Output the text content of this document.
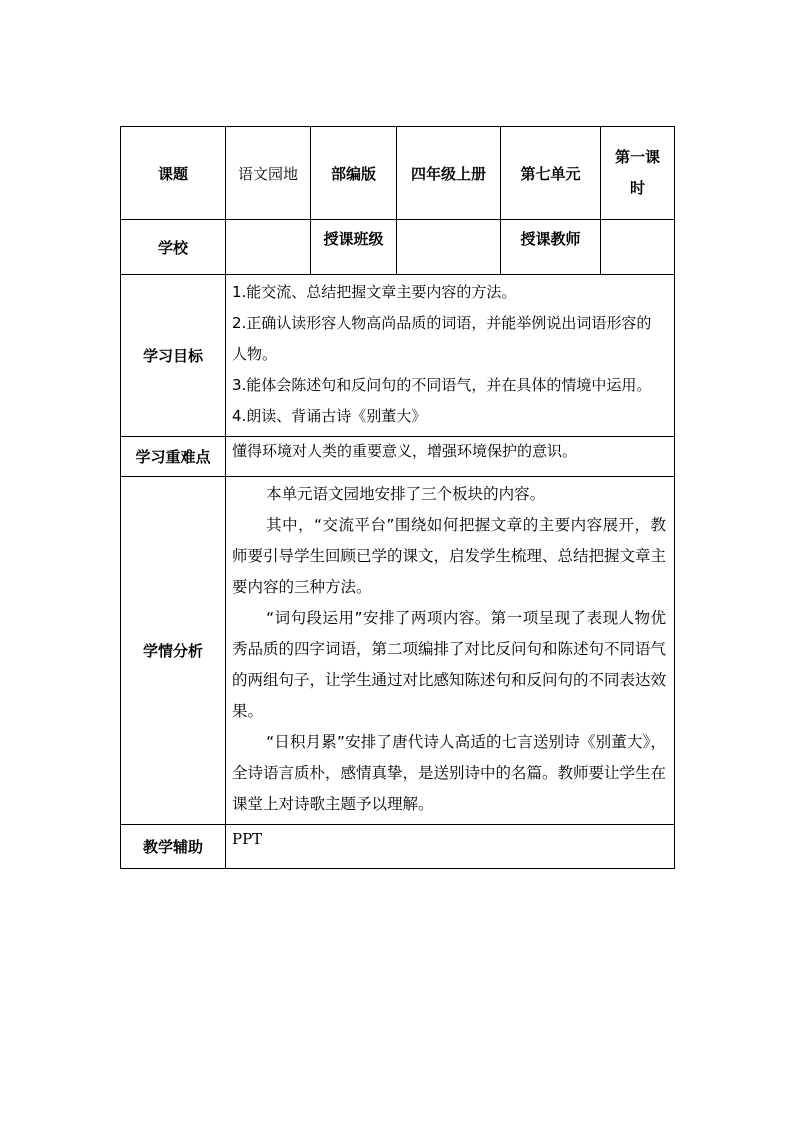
课题	语文园地	部编版	四年级上册	第七单元	第一课时
学校		授课班级		授课教师	
学习目标	1.能交流、总结把握文章主要内容的方法。

2.正确认读形容人物高尚品质的词语，并能举例说出词语形容的人物。

3.能体会陈述句和反问句的不同语气，并在具体的情境中运用。

4.朗读、背诵古诗《别董大》				

学习重难点	懂得环境对人类的重要意义，增强环境保护的意识。				
学情分析	本单元语文园地安排了三个板块的内容。

其中，“交流平台”围绕如何把握文章的主要内容展开，教师要引导学生回顾已学的课文，启发学生梳理、总结把握文章主要内容的三种方法。

“词句段运用”安排了两项内容。第一项呈现了表现人物优秀品质的四字词语，第二项编排了对比反问句和陈述句不同语气的两组句子，让学生通过对比感知陈述句和反问句的不同表达效果。

“日积月累”安排了唐代诗人高适的七言送别诗《别董大》，全诗语言质朴，感情真挚，是送别诗中的名篇。教师要让学生在课堂上对诗歌主题予以理解。				

教学辅助	PPT				
